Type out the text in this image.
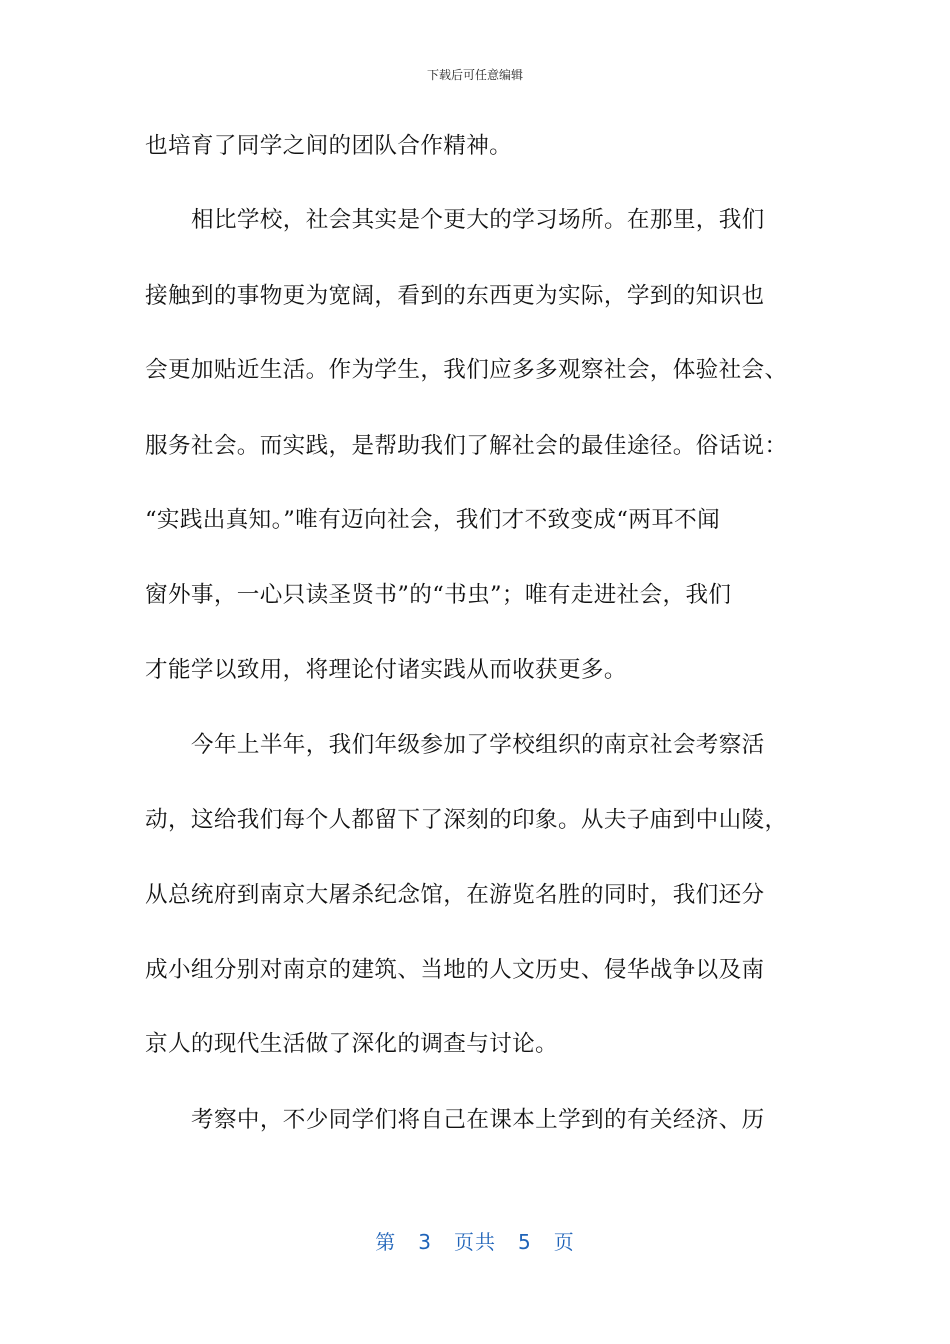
下载后可任意编辑
也培育了同学之间的团队合作精神。
相比学校，社会其实是个更大的学习场所。在那里，我们
接触到的事物更为宽阔，看到的东西更为实际，学到的知识也
会更加贴近生活。作为学生，我们应多多观察社会，体验社会、
服务社会。而实践，是帮助我们了解社会的最佳途径。俗话说：
“实践出真知。”唯有迈向社会，我们才不致变成“两耳不闻
窗外事，一心只读圣贤书”的“书虫”；唯有走进社会，我们
才能学以致用，将理论付诸实践从而收获更多。
今年上半年，我们年级参加了学校组织的南京社会考察活
动，这给我们每个人都留下了深刻的印象。从夫子庙到中山陵，
从总统府到南京大屠杀纪念馆，在游览名胜的同时，我们还分
成小组分别对南京的建筑、当地的人文历史、侵华战争以及南
京人的现代生活做了深化的调查与讨论。
考察中，不少同学们将自己在课本上学到的有关经济、历
第 3 页共 5 页
